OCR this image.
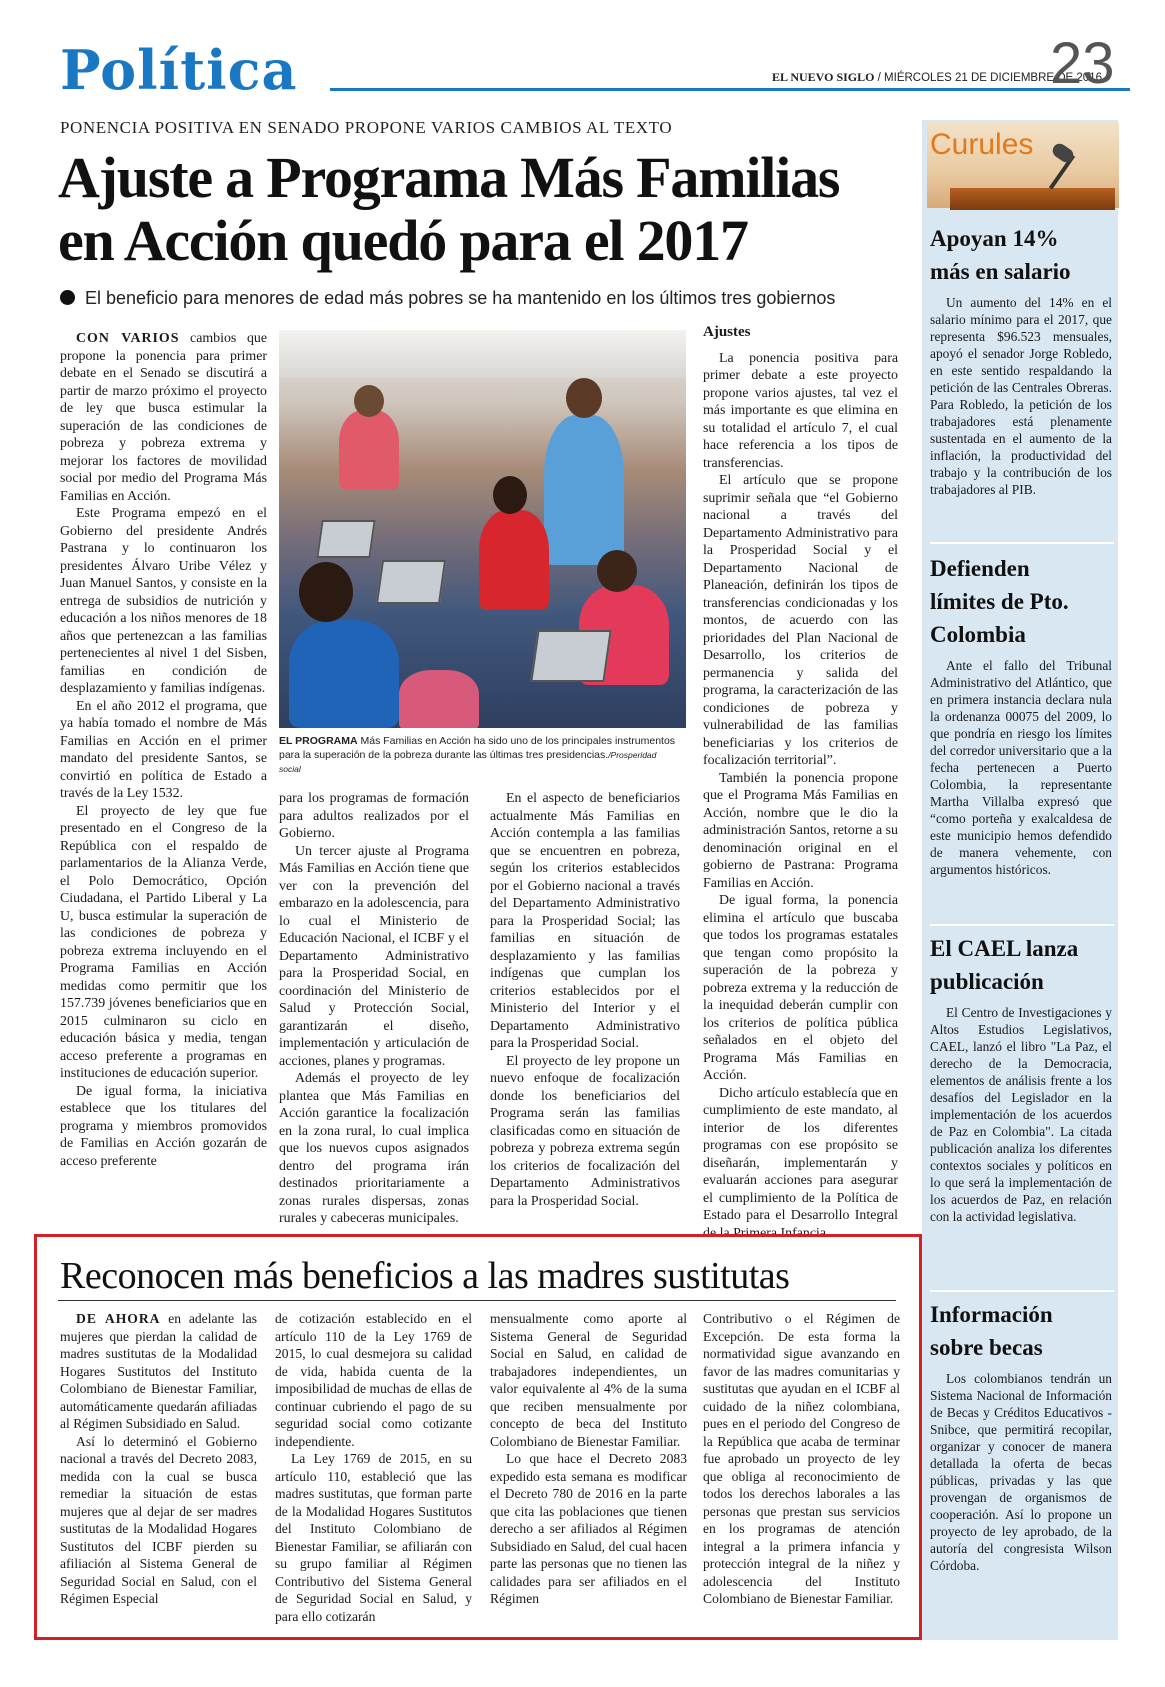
Política	EL NUEVO SIGLO / MIÉRCOLES 21 DE DICIEMBRE DE 2016
23
PONENCIA POSITIVA EN SENADO PROPONE VARIOS CAMBIOS AL TEXTO
Ajuste a Programa Más Familias
en Acción quedó para el 2017
El beneficio para menores de edad más pobres se ha mantenido en los últimos tres gobiernos

CON VARIOS cambios que propone la ponencia para primer debate en el Senado se discutirá a partir de marzo próximo el proyecto de ley que busca estimular la superación de las condiciones de pobreza y pobreza extrema y mejorar los factores de movilidad social por medio del Programa Más Familias en Acción.

Este Programa empezó en el Gobierno del presidente Andrés Pastrana y lo continuaron los presidentes Álvaro Uribe Vélez y Juan Manuel Santos, y consiste en la entrega de subsidios de nutrición y educación a los niños menores de 18 años que pertenezcan a las familias pertenecientes al nivel 1 del Sisben, familias en condición de desplazamiento y familias indígenas.

En el año 2012 el programa, que ya había tomado el nombre de Más Familias en Acción en el primer mandato del presidente Santos, se convirtió en política de Estado a través de la Ley 1532.

El proyecto de ley que fue presentado en el Congreso de la República con el respaldo de parlamentarios de la Alianza Verde, el Polo Democrático, Opción Ciudadana, el Partido Liberal y La U, busca estimular la superación de las condiciones de pobreza y pobreza extrema incluyendo en el Programa Familias en Acción medidas como permitir que los 157.739 jóvenes beneficiarios que en 2015 culminaron su ciclo en educación básica y media, tengan acceso preferente a programas en instituciones de educación superior.

De igual forma, la iniciativa establece que los titulares del programa y miembros promovidos de Familias en Acción gozarán de acceso preferente

EL PROGRAMA Más Familias en Acción ha sido uno de los principales instrumentos para la superación de la pobreza durante las últimas tres presidencias./Prosperidad social

para los programas de formación para adultos realizados por el Gobierno.

Un tercer ajuste al Programa Más Familias en Acción tiene que ver con la prevención del embarazo en la adolescencia, para lo cual el Ministerio de Educación Nacional, el ICBF y el Departamento Administrativo para la Prosperidad Social, en coordinación del Ministerio de Salud y Protección Social, garantizarán el diseño, implementación y articulación de acciones, planes y programas.

Además el proyecto de ley plantea que Más Familias en Acción garantice la focalización en la zona rural, lo cual implica que los nuevos cupos asignados dentro del programa irán destinados prioritariamente a zonas rurales dispersas, zonas rurales y cabeceras municipales.

En el aspecto de beneficiarios actualmente Más Familias en Acción contempla a las familias que se encuentren en pobreza, según los criterios establecidos por el Gobierno nacional a través del Departamento Administrativo para la Prosperidad Social; las familias en situación de desplazamiento y las familias indígenas que cumplan los criterios establecidos por el Ministerio del Interior y el Departamento Administrativo para la Prosperidad Social.

El proyecto de ley propone un nuevo enfoque de focalización donde los beneficiarios del Programa serán las familias clasificadas como en situación de pobreza y pobreza extrema según los criterios de focalización del Departamento Administrativos para la Prosperidad Social.

Ajustes

La ponencia positiva para primer debate a este proyecto propone varios ajustes, tal vez el más importante es que elimina en su totalidad el artículo 7, el cual hace referencia a los tipos de transferencias.

El artículo que se propone suprimir señala que “el Gobierno nacional a través del Departamento Administrativo para la Prosperidad Social y el Departamento Nacional de Planeación, definirán los tipos de transferencias condicionadas y los montos, de acuerdo con las prioridades del Plan Nacional de Desarrollo, los criterios de permanencia y salida del programa, la caracterización de las condiciones de pobreza y vulnerabilidad de las familias beneficiarias y los criterios de focalización territorial”.

También la ponencia propone que el Programa Más Familias en Acción, nombre que le dio la administración Santos, retorne a su denominación original en el gobierno de Pastrana: Programa Familias en Acción.

De igual forma, la ponencia elimina el artículo que buscaba que todos los programas estatales que tengan como propósito la superación de la pobreza y pobreza extrema y la reducción de la inequidad deberán cumplir con los criterios de política pública señalados en el objeto del Programa Más Familias en Acción.

Dicho artículo establecía que en cumplimiento de este mandato, al interior de los diferentes programas con ese propósito se diseñarán, implementarán y evaluarán acciones para asegurar el cumplimiento de la Política de Estado para el Desarrollo Integral de la Primera Infancia.

Curules
Apoyan 14%
más en salario

Un aumento del 14% en el salario mínimo para el 2017, que representa $96.523 mensuales, apoyó el senador Jorge Robledo, en este sentido respaldando la petición de las Centrales Obreras. Para Robledo, la petición de los trabajadores está plenamente sustentada en el aumento de la inflación, la productividad del trabajo y la contribución de los trabajadores al PIB.

Defienden
límites de Pto.
Colombia

Ante el fallo del Tribunal Administrativo del Atlántico, que en primera instancia declara nula la ordenanza 00075 del 2009, lo que pondría en riesgo los límites del corredor universitario que a la fecha pertenecen a Puerto Colombia, la representante Martha Villalba expresó que “como porteña y exalcaldesa de este municipio hemos defendido de manera vehemente, con argumentos históricos.

El CAEL lanza
publicación

El Centro de Investigaciones y Altos Estudios Legislativos, CAEL, lanzó el libro "La Paz, el derecho de la Democracia, elementos de análisis frente a los desafíos del Legislador en la implementación de los acuerdos de Paz en Colombia". La citada publicación analiza los diferentes contextos sociales y políticos en lo que será la implementación de los acuerdos de Paz, en relación con la actividad legislativa.

Información
sobre becas

Los colombianos tendrán un Sistema Nacional de Información de Becas y Créditos Educativos - Snibce, que permitirá recopilar, organizar y conocer de manera detallada la oferta de becas públicas, privadas y las que provengan de organismos de cooperación. Así lo propone un proyecto de ley aprobado, de la autoría del congresista Wilson Córdoba.

Reconocen más beneficios a las madres sustitutas

DE AHORA en adelante las mujeres que pierdan la calidad de madres sustitutas de la Modalidad Hogares Sustitutos del Instituto Colombiano de Bienestar Familiar, automáticamente quedarán afiliadas al Régimen Subsidiado en Salud.

Así lo determinó el Gobierno nacional a través del Decreto 2083, medida con la cual se busca remediar la situación de estas mujeres que al dejar de ser madres sustitutas de la Modalidad Hogares Sustitutos del ICBF pierden su afiliación al Sistema General de Seguridad Social en Salud, con el Régimen Especial

de cotización establecido en el artículo 110 de la Ley 1769 de 2015, lo cual desmejora su calidad de vida, habida cuenta de la imposibilidad de muchas de ellas de continuar cubriendo el pago de su seguridad social como cotizante independiente.

La Ley 1769 de 2015, en su artículo 110, estableció que las madres sustitutas, que forman parte de la Modalidad Hogares Sustitutos del Instituto Colombiano de Bienestar Familiar, se afiliarán con su grupo familiar al Régimen Contributivo del Sistema General de Seguridad Social en Salud, y para ello cotizarán

mensualmente como aporte al Sistema General de Seguridad Social en Salud, en calidad de trabajadores independientes, un valor equivalente al 4% de la suma que reciben mensualmente por concepto de beca del Instituto Colombiano de Bienestar Familiar.

Lo que hace el Decreto 2083 expedido esta semana es modificar el Decreto 780 de 2016 en la parte que cita las poblaciones que tienen derecho a ser afiliados al Régimen Subsidiado en Salud, del cual hacen parte las personas que no tienen las calidades para ser afiliados en el Régimen

Contributivo o el Régimen de Excepción. De esta forma la normatividad sigue avanzando en favor de las madres comunitarias y sustitutas que ayudan en el ICBF al cuidado de la niñez colombiana, pues en el periodo del Congreso de la República que acaba de terminar fue aprobado un proyecto de ley que obliga al reconocimiento de todos los derechos laborales a las personas que prestan sus servicios en los programas de atención integral a la primera infancia y protección integral de la niñez y adolescencia del Instituto Colombiano de Bienestar Familiar.
